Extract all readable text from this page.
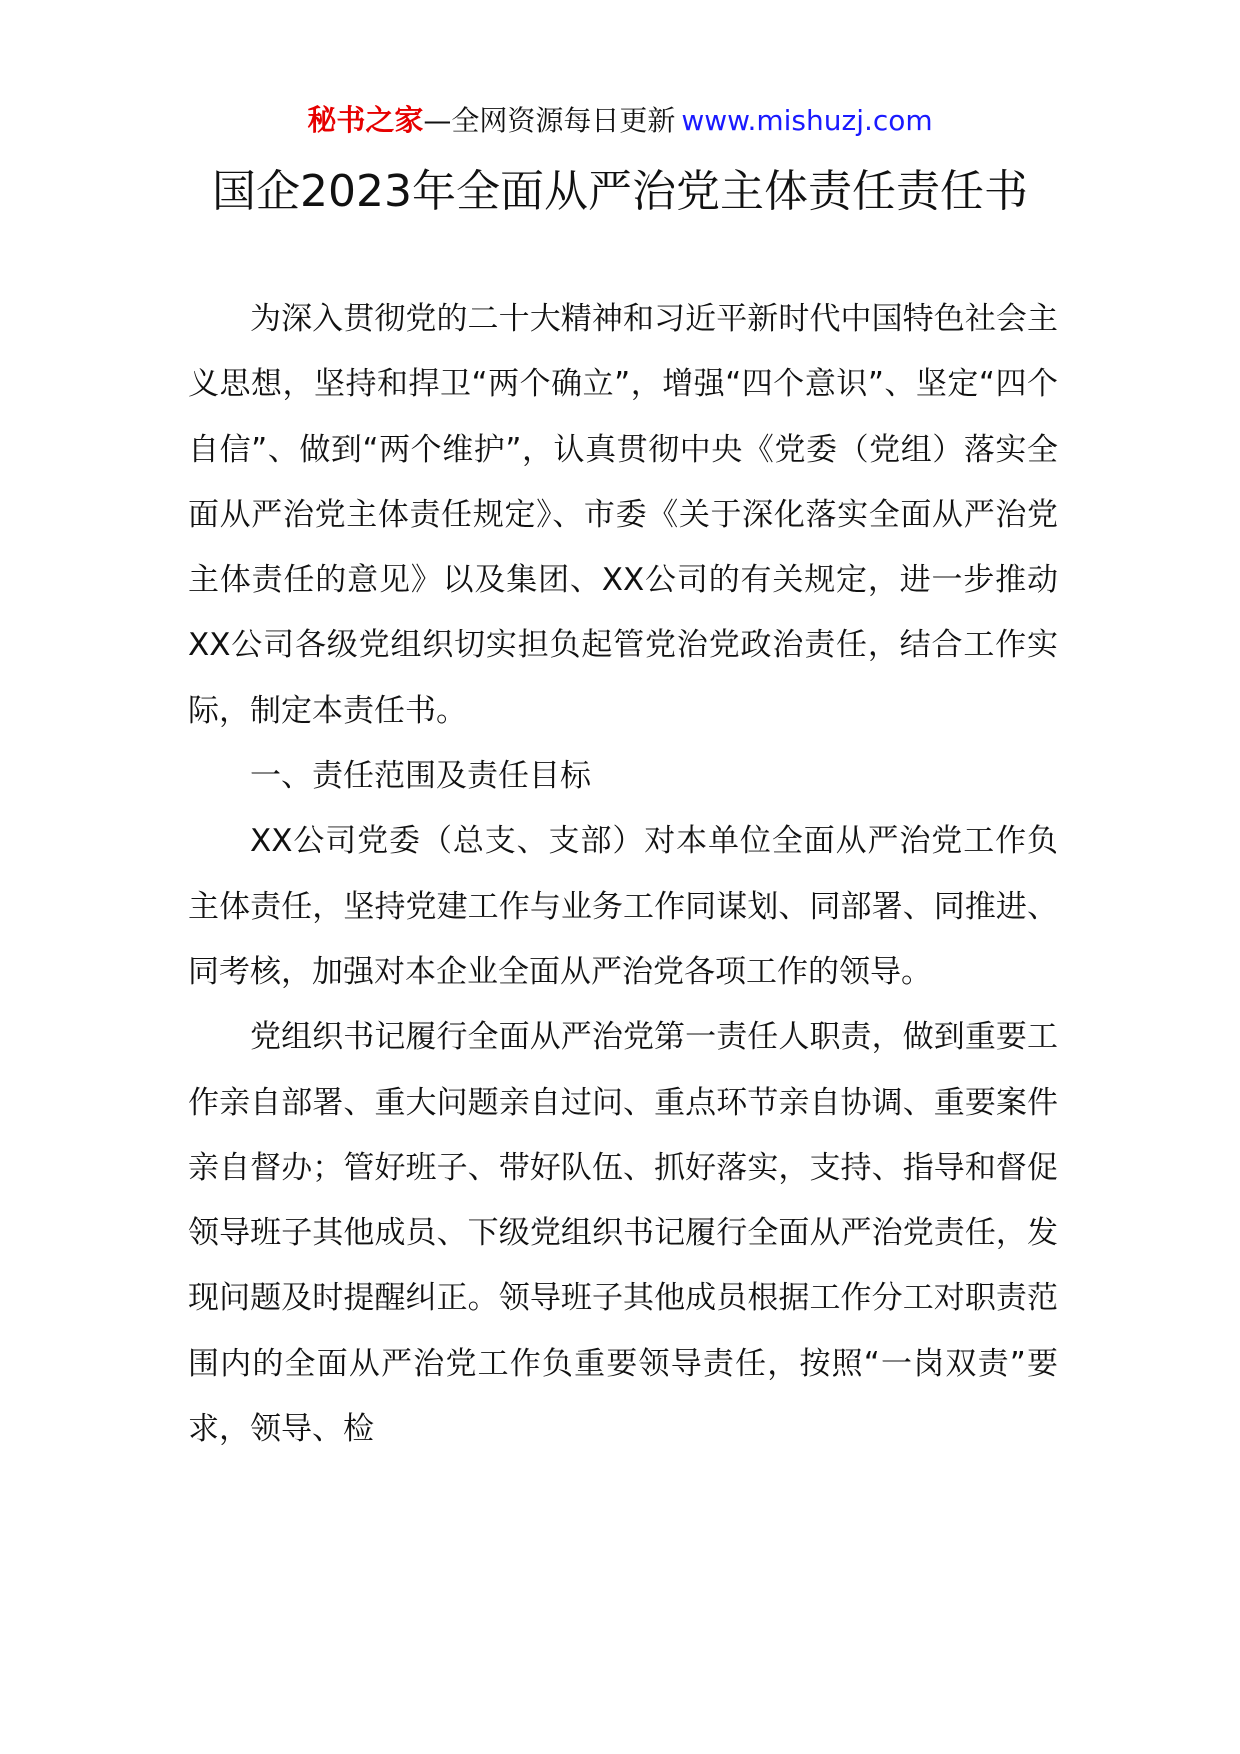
秘书之家—全网资源每日更新 www.mishuzj.com
国企2023年全面从严治党主体责任责任书

为深入贯彻党的二十大精神和习近平新时代中国特色社会主义思想，坚持和捍卫“两个确立”，增强“四个意识”、坚定“四个自信”、做到“两个维护”，认真贯彻中央《党委（党组）落实全面从严治党主体责任规定》、市委《关于深化落实全面从严治党主体责任的意见》以及集团、XX公司的有关规定，进一步推动XX公司各级党组织切实担负起管党治党政治责任，结合工作实际，制定本责任书。

一、责任范围及责任目标

XX公司党委（总支、支部）对本单位全面从严治党工作负主体责任，坚持党建工作与业务工作同谋划、同部署、同推进、同考核，加强对本企业全面从严治党各项工作的领导。

党组织书记履行全面从严治党第一责任人职责，做到重要工作亲自部署、重大问题亲自过问、重点环节亲自协调、重要案件亲自督办；管好班子、带好队伍、抓好落实，支持、指导和督促领导班子其他成员、下级党组织书记履行全面从严治党责任，发现问题及时提醒纠正。领导班子其他成员根据工作分工对职责范围内的全面从严治党工作负重要领导责任，按照“一岗双责”要求，领导、检
